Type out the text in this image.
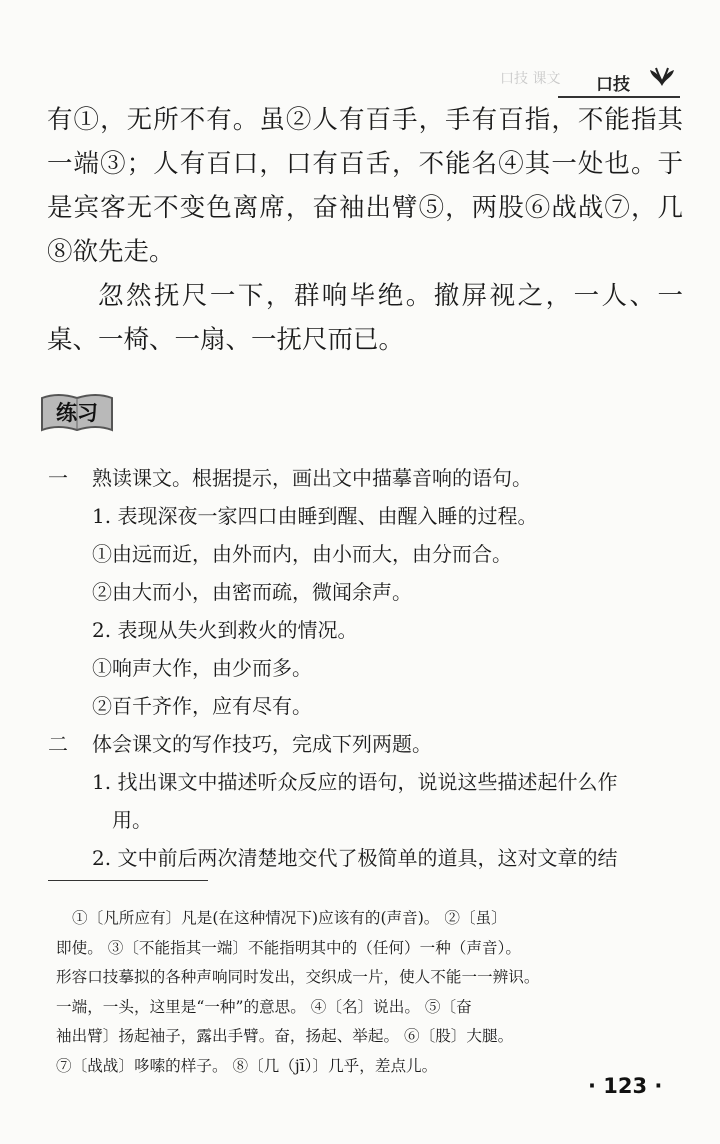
口技 课文 口技

有①，无所不有。虽②人有百手，手有百指，不能指其一端③；人有百口，口有百舌，不能名④其一处也。于是宾客无不变色离席，奋袖出臂⑤，两股⑥战战⑦，几⑧欲先走。

忽然抚尺一下，群响毕绝。撤屏视之，一人、一桌、一椅、一扇、一抚尺而已。

练习
一 熟读课文。根据提示，画出文中描摹音响的语句。
1. 表现深夜一家四口由睡到醒、由醒入睡的过程。
①由远而近，由外而内，由小而大，由分而合。
②由大而小，由密而疏，微闻余声。
2. 表现从失火到救火的情况。
①响声大作，由少而多。
②百千齐作，应有尽有。
二 体会课文的写作技巧，完成下列两题。
1. 找出课文中描述听众反应的语句，说说这些描述起什么作
用。
2. 文中前后两次清楚地交代了极简单的道具，这对文章的结
①〔凡所应有〕凡是(在这种情况下)应该有的(声音)。 ②〔虽〕
即使。 ③〔不能指其一端〕不能指明其中的（任何）一种（声音）。
形容口技摹拟的各种声响同时发出，交织成一片，使人不能一一辨识。
一端，一头，这里是“一种”的意思。 ④〔名〕说出。 ⑤〔奋
袖出臂〕扬起袖子，露出手臂。奋，扬起、举起。 ⑥〔股〕大腿。
⑦〔战战〕哆嗦的样子。 ⑧〔几（jī）〕几乎，差点儿。
· 123 ·
